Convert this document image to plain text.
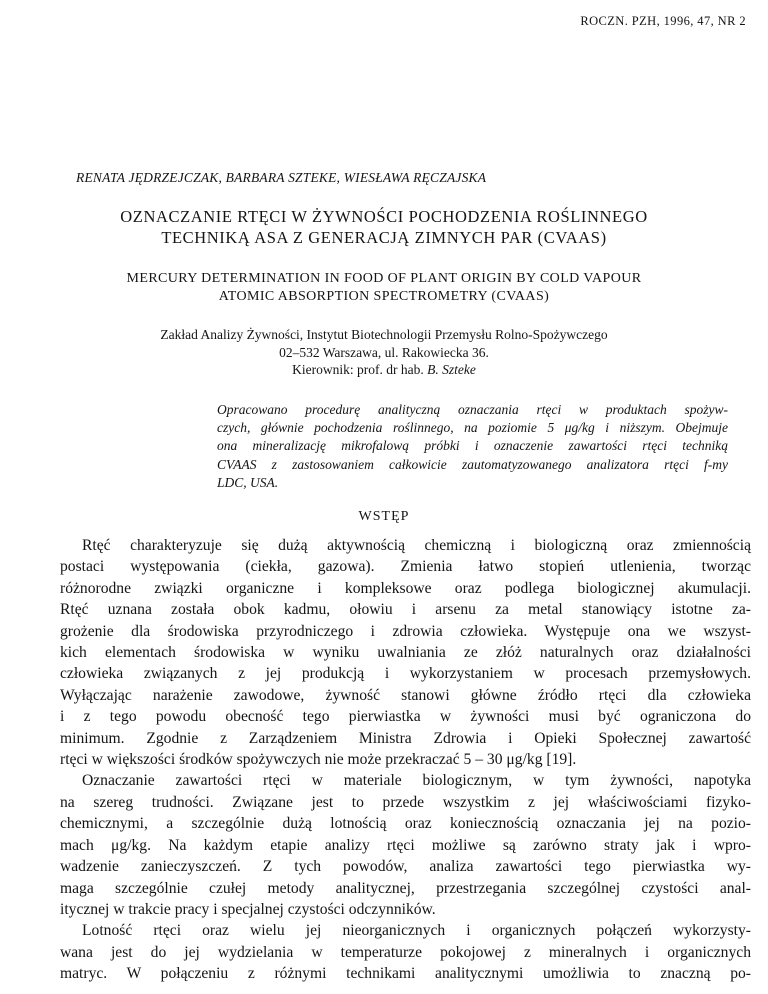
ROCZN. PZH, 1996, 47, NR 2
RENATA JĘDRZEJCZAK, BARBARA SZTEKE, WIESŁAWA RĘCZAJSKA
OZNACZANIE RTĘCI W ŻYWNOŚCI POCHODZENIA ROŚLINNEGO
TECHNIKĄ ASA Z GENERACJĄ ZIMNYCH PAR (CVAAS)
MERCURY DETERMINATION IN FOOD OF PLANT ORIGIN BY COLD VAPOUR
ATOMIC ABSORPTION SPECTROMETRY (CVAAS)
Zakład Analizy Żywności, Instytut Biotechnologii Przemysłu Rolno-Spożywczego
02–532 Warszawa, ul. Rakowiecka 36.
Kierownik: prof. dr hab. B. Szteke
Opracowano procedurę analityczną oznaczania rtęci w produktach spożyw-
czych, głównie pochodzenia roślinnego, na poziomie 5 μg/kg i niższym. Obejmuje
ona mineralizację mikrofalową próbki i oznaczenie zawartości rtęci techniką
CVAAS z zastosowaniem całkowicie zautomatyzowanego analizatora rtęci f-my
LDC, USA.
WSTĘP
Rtęć charakteryzuje się dużą aktywnością chemiczną i biologiczną oraz zmiennością
postaci występowania (ciekła, gazowa). Zmienia łatwo stopień utlenienia, tworząc
różnorodne związki organiczne i kompleksowe oraz podlega biologicznej akumulacji.
Rtęć uznana została obok kadmu, ołowiu i arsenu za metal stanowiący istotne za-
grożenie dla środowiska przyrodniczego i zdrowia człowieka. Występuje ona we wszyst-
kich elementach środowiska w wyniku uwalniania ze złóż naturalnych oraz działalności
człowieka związanych z jej produkcją i wykorzystaniem w procesach przemysłowych.
Wyłączając narażenie zawodowe, żywność stanowi główne źródło rtęci dla człowieka
i z tego powodu obecność tego pierwiastka w żywności musi być ograniczona do
minimum. Zgodnie z Zarządzeniem Ministra Zdrowia i Opieki Społecznej zawartość
rtęci w większości środków spożywczych nie może przekraczać 5 – 30 μg/kg [19].
Oznaczanie zawartości rtęci w materiale biologicznym, w tym żywności, napotyka
na szereg trudności. Związane jest to przede wszystkim z jej właściwościami fizyko-
chemicznymi, a szczególnie dużą lotnością oraz koniecznością oznaczania jej na pozio-
mach μg/kg. Na każdym etapie analizy rtęci możliwe są zarówno straty jak i wpro-
wadzenie zanieczyszczeń. Z tych powodów, analiza zawartości tego pierwiastka wy-
maga szczególnie czułej metody analitycznej, przestrzegania szczególnej czystości anal-
itycznej w trakcie pracy i specjalnej czystości odczynników.
Lotność rtęci oraz wielu jej nieorganicznych i organicznych połączeń wykorzysty-
wana jest do jej wydzielania w temperaturze pokojowej z mineralnych i organicznych
matryc. W połączeniu z różnymi technikami analitycznymi umożliwia to znaczną po-
